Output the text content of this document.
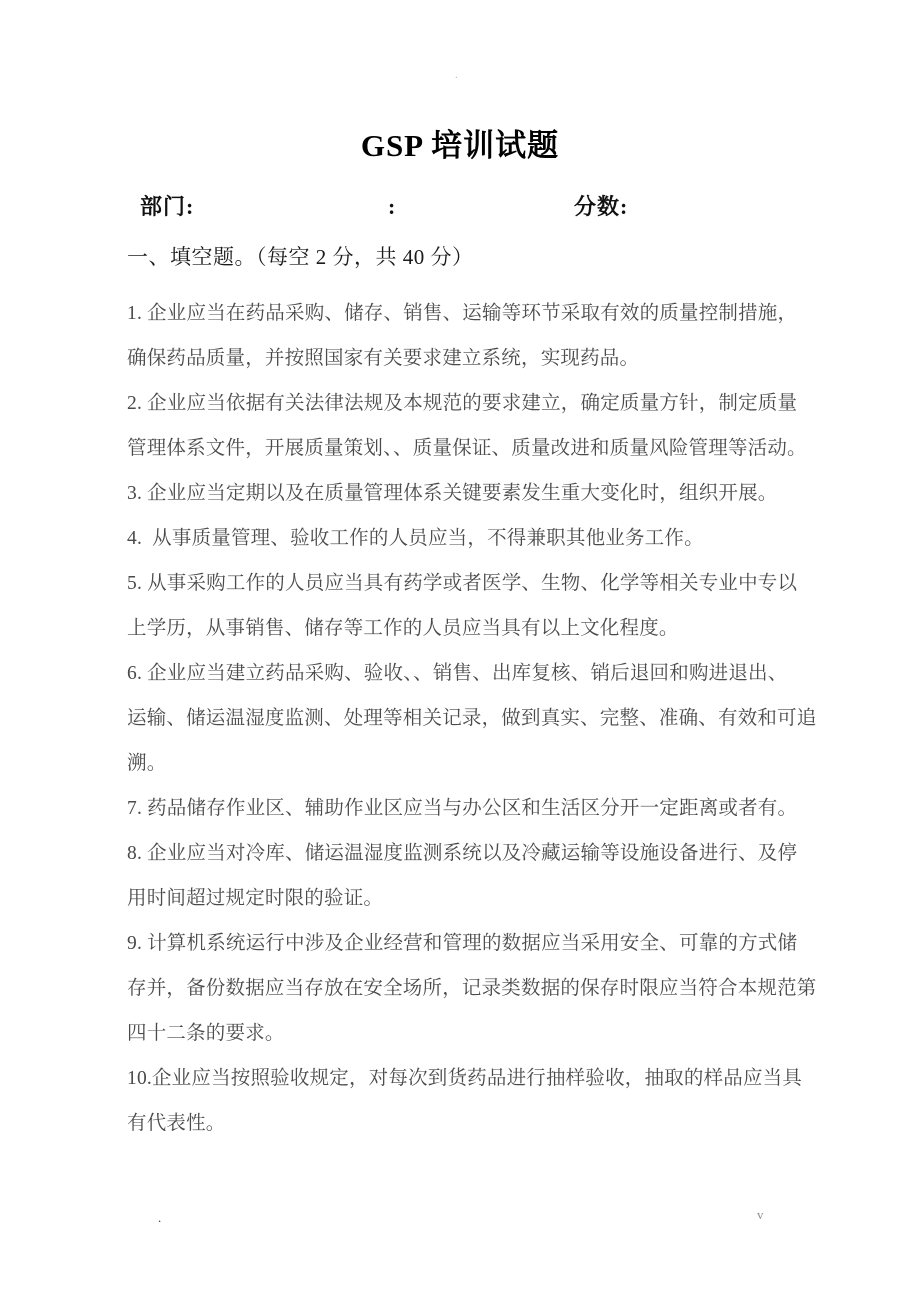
.
GSP 培训试题
部门:	:	分数:
一、填空题。（每空 2 分，共 40 分）
1. 企业应当在药品采购、储存、销售、运输等环节采取有效的质量控制措施，
确保药品质量，并按照国家有关要求建立系统，实现药品。
2. 企业应当依据有关法律法规及本规范的要求建立，确定质量方针，制定质量
管理体系文件，开展质量策划、、质量保证、质量改进和质量风险管理等活动。
3. 企业应当定期以及在质量管理体系关键要素发生重大变化时，组织开展。
4.  从事质量管理、验收工作的人员应当，不得兼职其他业务工作。
5. 从事采购工作的人员应当具有药学或者医学、生物、化学等相关专业中专以
上学历，从事销售、储存等工作的人员应当具有以上文化程度。
6. 企业应当建立药品采购、验收、、销售、出库复核、销后退回和购进退出、
运输、储运温湿度监测、处理等相关记录，做到真实、完整、准确、有效和可追
溯。
7. 药品储存作业区、辅助作业区应当与办公区和生活区分开一定距离或者有。
8. 企业应当对冷库、储运温湿度监测系统以及冷藏运输等设施设备进行、及停
用时间超过规定时限的验证。
9. 计算机系统运行中涉及企业经营和管理的数据应当采用安全、可靠的方式储
存并，备份数据应当存放在安全场所，记录类数据的保存时限应当符合本规范第
四十二条的要求。
10.企业应当按照验收规定，对每次到货药品进行抽样验收，抽取的样品应当具
有代表性。
.	v
